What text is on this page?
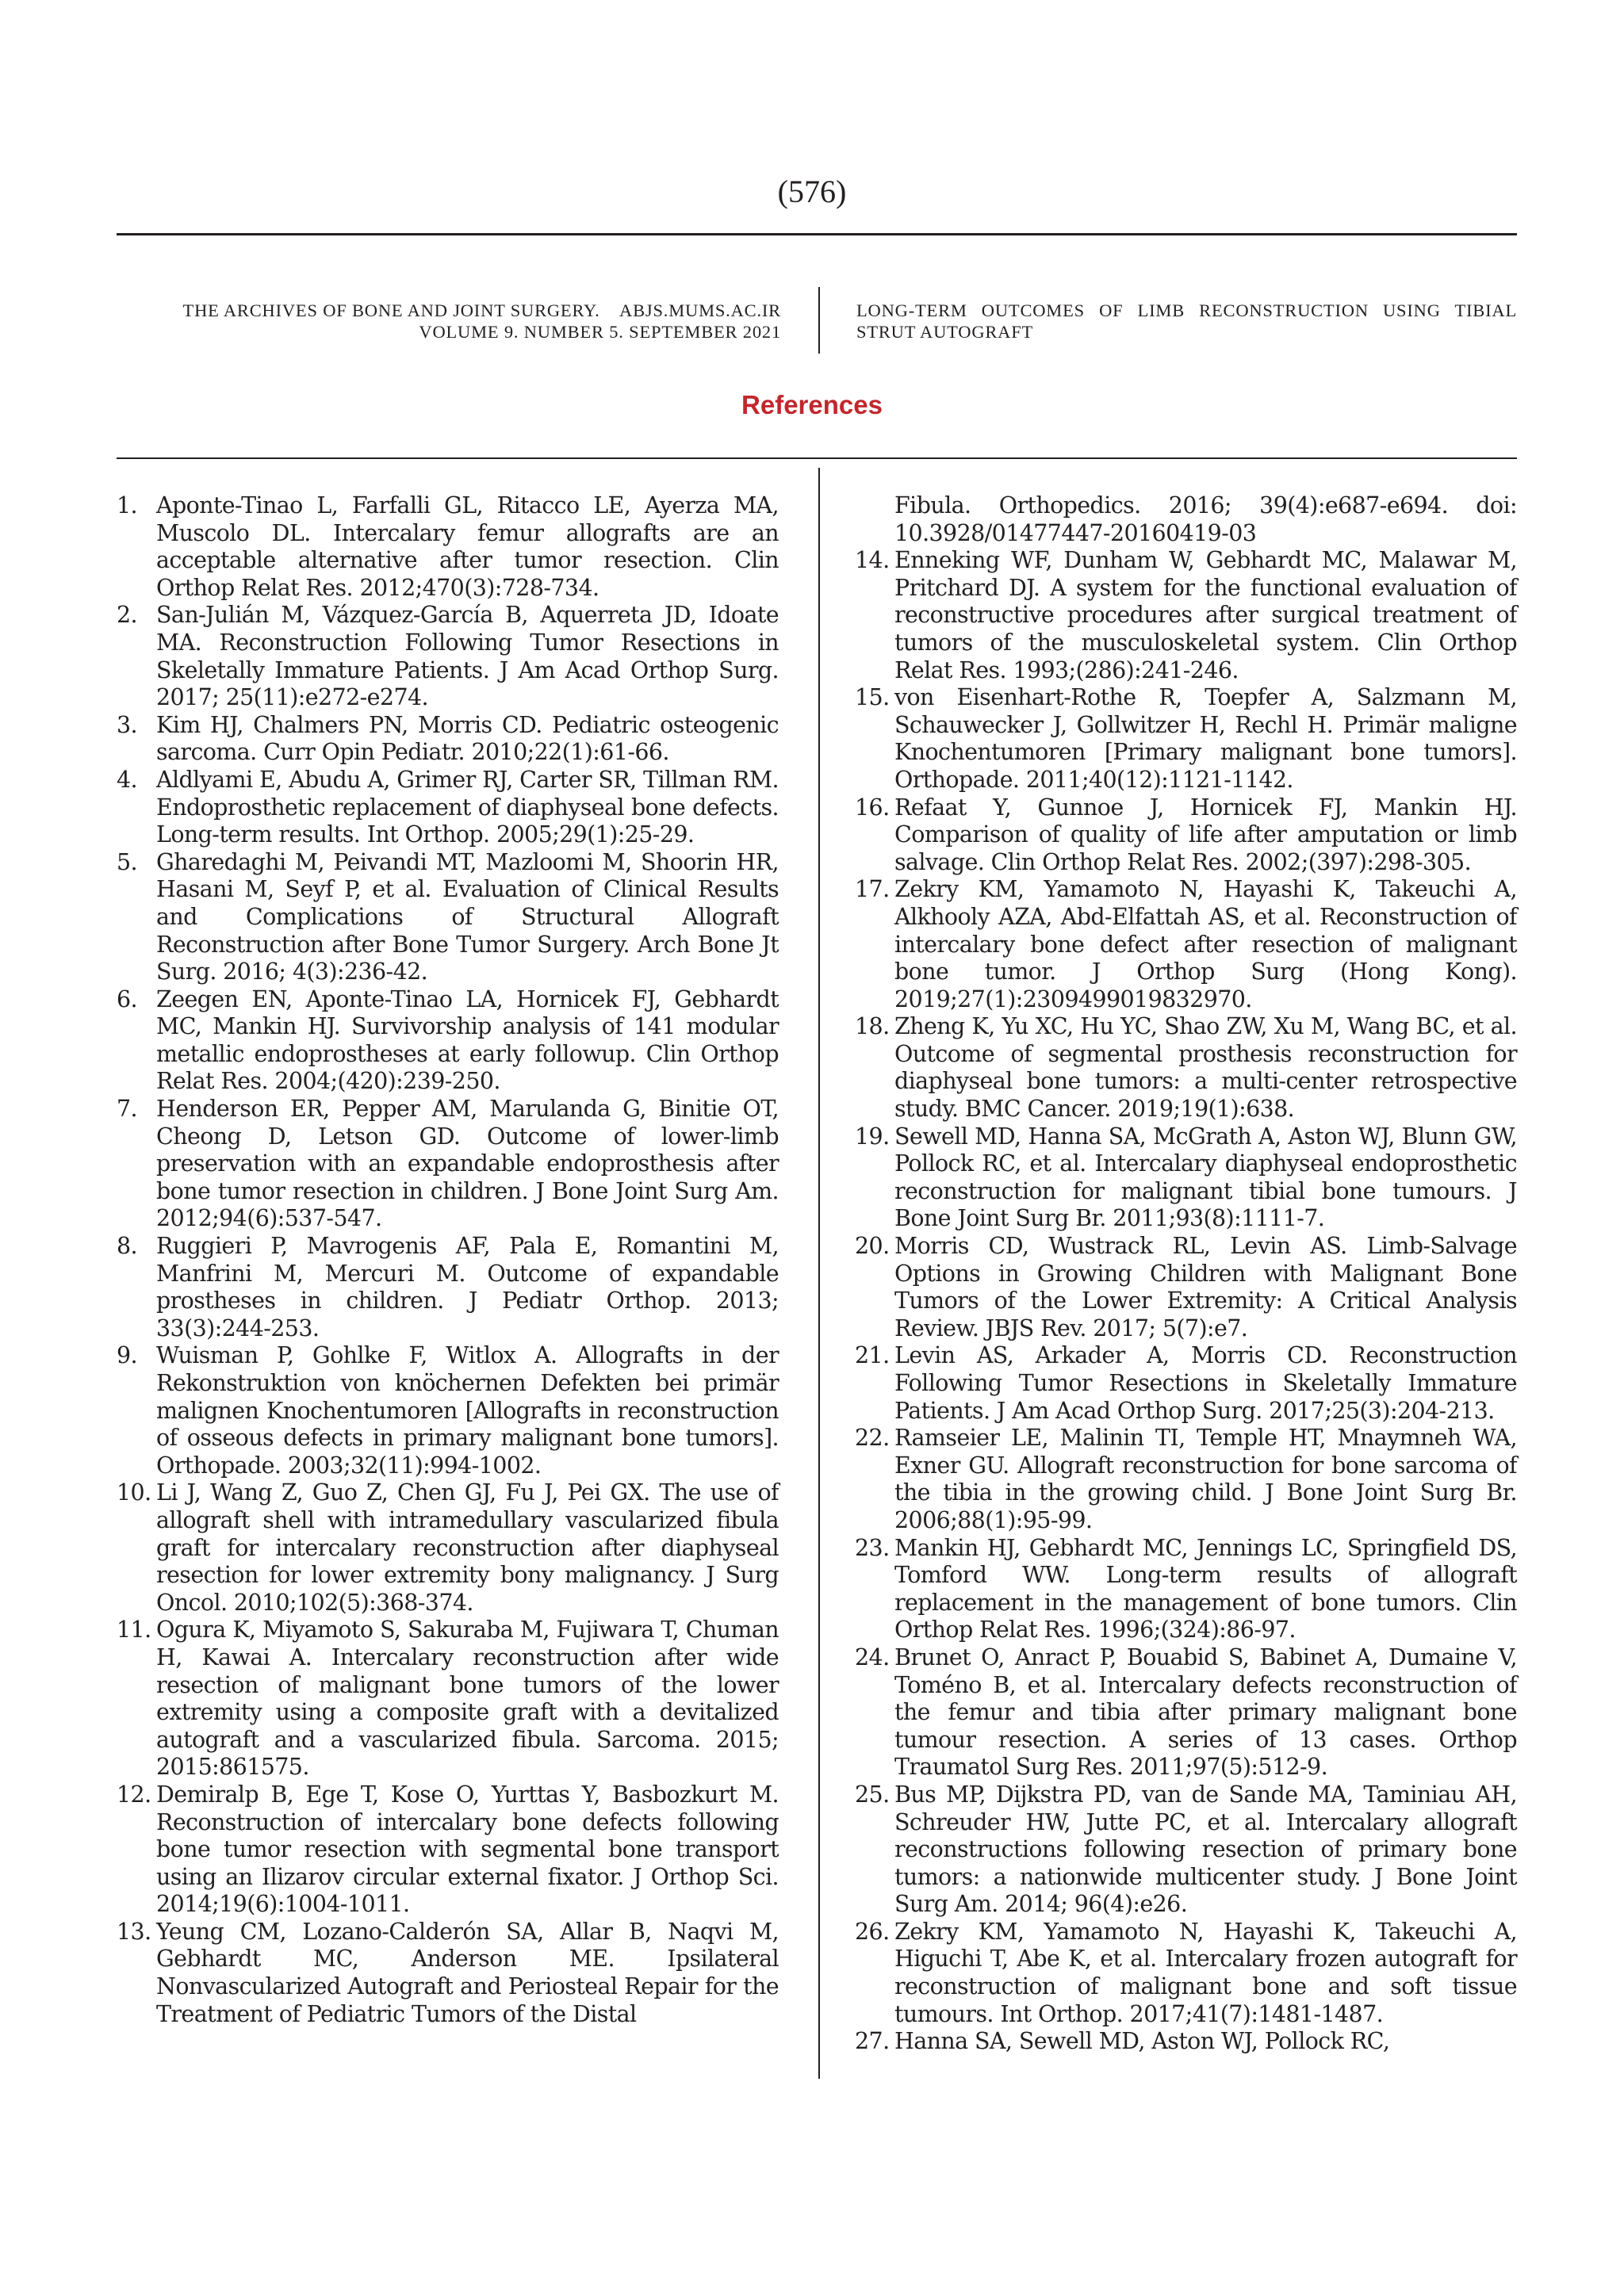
(576)
THE ARCHIVES OF BONE AND JOINT SURGERY.    ABJS.MUMS.AC.IR
VOLUME 9. NUMBER 5. SEPTEMBER 2021
LONG-TERM OUTCOMES OF LIMB RECONSTRUCTION USING TIBIAL STRUT AUTOGRAFT
References
1. Aponte-Tinao L, Farfalli GL, Ritacco LE, Ayerza MA, Muscolo DL. Intercalary femur allografts are an acceptable alternative after tumor resection. Clin Orthop Relat Res. 2012;470(3):728-734.
2. San-Julián M, Vázquez-García B, Aquerreta JD, Idoate MA. Reconstruction Following Tumor Resections in Skeletally Immature Patients. J Am Acad Orthop Surg. 2017; 25(11):e272-e274.
3. Kim HJ, Chalmers PN, Morris CD. Pediatric osteogenic sarcoma. Curr Opin Pediatr. 2010;22(1):61-66.
4. Aldlyami E, Abudu A, Grimer RJ, Carter SR, Tillman RM. Endoprosthetic replacement of diaphyseal bone defects. Long-term results. Int Orthop. 2005;29(1):25-29.
5. Gharedaghi M, Peivandi MT, Mazloomi M, Shoorin HR, Hasani M, Seyf P, et al. Evaluation of Clinical Results and Complications of Structural Allograft Reconstruction after Bone Tumor Surgery. Arch Bone Jt Surg. 2016; 4(3):236-42.
6. Zeegen EN, Aponte-Tinao LA, Hornicek FJ, Gebhardt MC, Mankin HJ. Survivorship analysis of 141 modular metallic endoprostheses at early followup. Clin Orthop Relat Res. 2004;(420):239-250.
7. Henderson ER, Pepper AM, Marulanda G, Binitie OT, Cheong D, Letson GD. Outcome of lower-limb preservation with an expandable endoprosthesis after bone tumor resection in children. J Bone Joint Surg Am. 2012;94(6):537-547.
8. Ruggieri P, Mavrogenis AF, Pala E, Romantini M, Manfrini M, Mercuri M. Outcome of expandable prostheses in children. J Pediatr Orthop. 2013; 33(3):244-253.
9. Wuisman P, Gohlke F, Witlox A. Allografts in der Rekonstruktion von knöchernen Defekten bei primär malignen Knochentumoren [Allografts in reconstruction of osseous defects in primary malignant bone tumors]. Orthopade. 2003;32(11):994-1002.
10. Li J, Wang Z, Guo Z, Chen GJ, Fu J, Pei GX. The use of allograft shell with intramedullary vascularized fibula graft for intercalary reconstruction after diaphyseal resection for lower extremity bony malignancy. J Surg Oncol. 2010;102(5):368-374.
11. Ogura K, Miyamoto S, Sakuraba M, Fujiwara T, Chuman H, Kawai A. Intercalary reconstruction after wide resection of malignant bone tumors of the lower extremity using a composite graft with a devitalized autograft and a vascularized fibula. Sarcoma. 2015; 2015:861575.
12. Demiralp B, Ege T, Kose O, Yurttas Y, Basbozkurt M. Reconstruction of intercalary bone defects following bone tumor resection with segmental bone transport using an Ilizarov circular external fixator. J Orthop Sci. 2014;19(6):1004-1011.
13. Yeung CM, Lozano-Calderón SA, Allar B, Naqvi M, Gebhardt MC, Anderson ME. Ipsilateral Nonvascularized Autograft and Periosteal Repair for the Treatment of Pediatric Tumors of the Distal
Fibula. Orthopedics. 2016; 39(4):e687-e694. doi: 10.3928/01477447-20160419-03
14. Enneking WF, Dunham W, Gebhardt MC, Malawar M, Pritchard DJ. A system for the functional evaluation of reconstructive procedures after surgical treatment of tumors of the musculoskeletal system. Clin Orthop Relat Res. 1993;(286):241-246.
15. von Eisenhart-Rothe R, Toepfer A, Salzmann M, Schauwecker J, Gollwitzer H, Rechl H. Primär maligne Knochentumoren [Primary malignant bone tumors]. Orthopade. 2011;40(12):1121-1142.
16. Refaat Y, Gunnoe J, Hornicek FJ, Mankin HJ. Comparison of quality of life after amputation or limb salvage. Clin Orthop Relat Res. 2002;(397):298-305.
17. Zekry KM, Yamamoto N, Hayashi K, Takeuchi A, Alkhooly AZA, Abd-Elfattah AS, et al. Reconstruction of intercalary bone defect after resection of malignant bone tumor. J Orthop Surg (Hong Kong). 2019;27(1):2309499019832970.
18. Zheng K, Yu XC, Hu YC, Shao ZW, Xu M, Wang BC, et al. Outcome of segmental prosthesis reconstruction for diaphyseal bone tumors: a multi-center retrospective study. BMC Cancer. 2019;19(1):638.
19. Sewell MD, Hanna SA, McGrath A, Aston WJ, Blunn GW, Pollock RC, et al. Intercalary diaphyseal endoprosthetic reconstruction for malignant tibial bone tumours. J Bone Joint Surg Br. 2011;93(8):1111-7.
20. Morris CD, Wustrack RL, Levin AS. Limb-Salvage Options in Growing Children with Malignant Bone Tumors of the Lower Extremity: A Critical Analysis Review. JBJS Rev. 2017; 5(7):e7.
21. Levin AS, Arkader A, Morris CD. Reconstruction Following Tumor Resections in Skeletally Immature Patients. J Am Acad Orthop Surg. 2017;25(3):204-213.
22. Ramseier LE, Malinin TI, Temple HT, Mnaymneh WA, Exner GU. Allograft reconstruction for bone sarcoma of the tibia in the growing child. J Bone Joint Surg Br. 2006;88(1):95-99.
23. Mankin HJ, Gebhardt MC, Jennings LC, Springfield DS, Tomford WW. Long-term results of allograft replacement in the management of bone tumors. Clin Orthop Relat Res. 1996;(324):86-97.
24. Brunet O, Anract P, Bouabid S, Babinet A, Dumaine V, Toméno B, et al. Intercalary defects reconstruction of the femur and tibia after primary malignant bone tumour resection. A series of 13 cases. Orthop Traumatol Surg Res. 2011;97(5):512-9.
25. Bus MP, Dijkstra PD, van de Sande MA, Taminiau AH, Schreuder HW, Jutte PC, et al. Intercalary allograft reconstructions following resection of primary bone tumors: a nationwide multicenter study. J Bone Joint Surg Am. 2014; 96(4):e26.
26. Zekry KM, Yamamoto N, Hayashi K, Takeuchi A, Higuchi T, Abe K, et al. Intercalary frozen autograft for reconstruction of malignant bone and soft tissue tumours. Int Orthop. 2017;41(7):1481-1487.
27. Hanna SA, Sewell MD, Aston WJ, Pollock RC,
